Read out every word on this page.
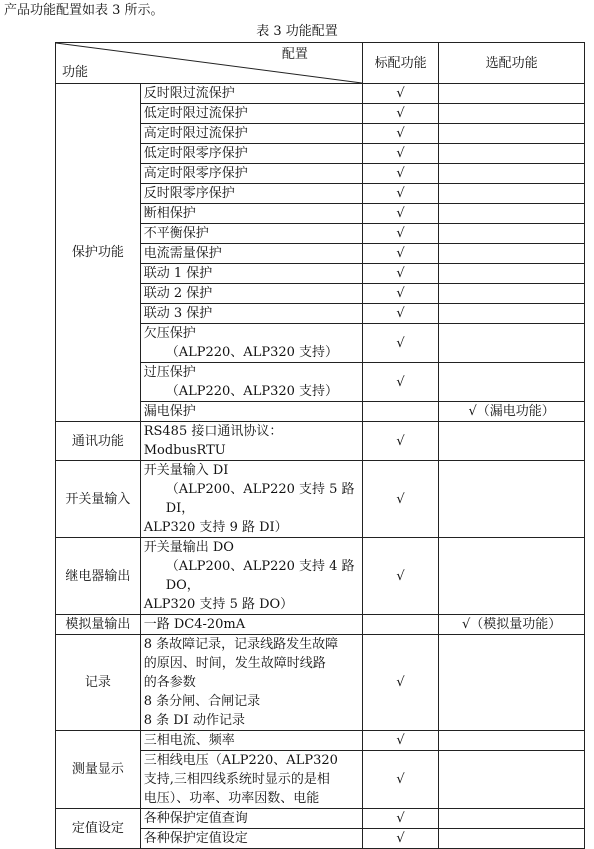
产品功能配置如表 3 所示。
表 3 功能配置
配置
功能		标配功能	选配功能
保护功能	反时限过流保护	√	

	低定时限过流保护	√	

	高定时限过流保护	√	

	低定时限零序保护	√	

	高定时限零序保护	√	

	反时限零序保护	√	

	断相保护	√	

	不平衡保护	√	

	电流需量保护	√	

	联动 1 保护	√	

	联动 2 保护	√	

	联动 3 保护	√	

	欠压保护
（ALP220、ALP320 支持）	√	

	过压保护
（ALP220、ALP320 支持）	√	

	漏电保护		√（漏电功能）
通讯功能	RS485 接口通讯协议：
ModbusRTU	√	
开关量输入	开关量输入 DI
（ALP200、ALP220 支持 5 路 DI，
ALP320 支持 9 路 DI）	√	
继电器输出	开关量输出 DO
（ALP200、ALP220 支持 4 路 DO，
ALP320 支持 5 路 DO）	√	
模拟量输出	一路 DC4-20mA		√（模拟量功能）
记录	8 条故障记录，记录线路发生故障
的原因、时间，发生故障时线路
的各参数
8 条分闸、合闸记录
8 条 DI 动作记录	√	
测量显示	三相电流、频率	√	

	三相线电压（ALP220、ALP320
支持,三相四线系统时显示的是相
电压）、功率、功率因数、电能	√	
定值设定	各种保护定值查询	√	

	各种保护定值设定	√	
